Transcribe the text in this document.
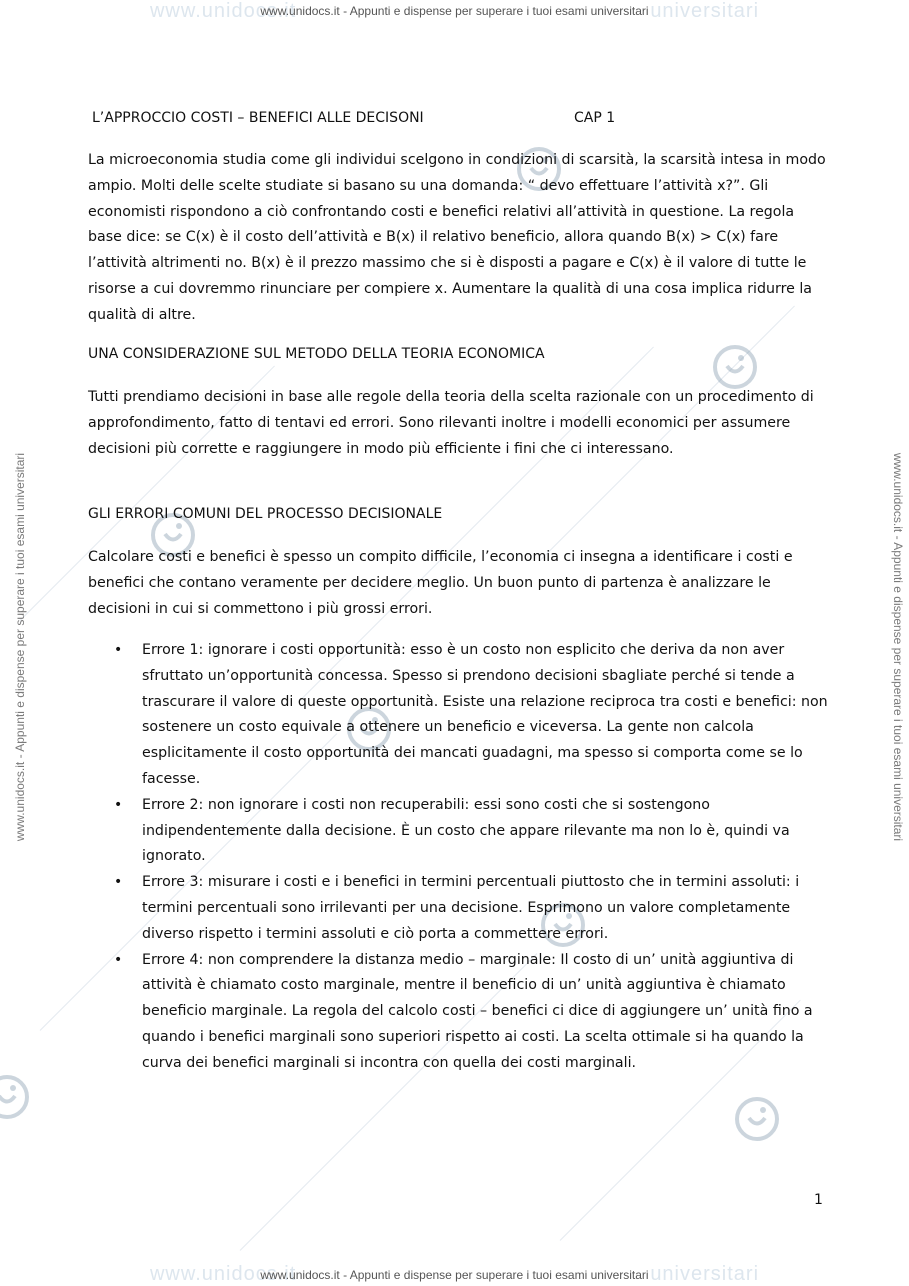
www.unidocs.it	universitari
www.unidocs.it	universitari
www.unidocs.it - Appunti e dispense per superare i tuoi esami universitari
www.unidocs.it - Appunti e dispense per superare i tuoi esami universitari
www.unidocs.it - Appunti e dispense per superare i tuoi esami universitari	www.unidocs.it - Appunti e dispense per superare i tuoi esami universitari
L’APPROCCIO COSTI – BENEFICI ALLE DECISONI	CAP 1
La microeconomia studia come gli individui scelgono in condizioni di scarsità, la scarsità intesa in modo ampio. Molti delle scelte studiate si basano su una domanda: “ devo effettuare l’attività x?”. Gli economisti rispondono a ciò confrontando costi e benefici relativi all’attività in questione. La regola base dice: se C(x) è il costo dell’attività e B(x) il relativo beneficio, allora quando B(x) > C(x) fare l’attività altrimenti no. B(x) è il prezzo massimo che si è disposti a pagare e C(x) è il valore di tutte le risorse a cui dovremmo rinunciare per compiere x. Aumentare la qualità di una cosa implica ridurre la qualità di altre.
UNA CONSIDERAZIONE SUL METODO DELLA TEORIA ECONOMICA
Tutti prendiamo decisioni in base alle regole della teoria della scelta razionale con un procedimento di approfondimento, fatto di tentavi ed errori. Sono rilevanti inoltre i modelli economici per assumere decisioni più corrette e raggiungere in modo più efficiente i fini che ci interessano.
GLI ERRORI COMUNI DEL PROCESSO DECISIONALE
Calcolare costi e benefici è spesso un compito difficile, l’economia ci insegna a identificare i costi e benefici che contano veramente per decidere meglio. Un buon punto di partenza è analizzare le decisioni in cui si commettono i più grossi errori.
• Errore 1: ignorare i costi opportunità: esso è un costo non esplicito che deriva da non aver sfruttato un’opportunità concessa. Spesso si prendono decisioni sbagliate perché si tende a trascurare il valore di queste opportunità. Esiste una relazione reciproca tra costi e benefici: non sostenere un costo equivale a ottenere un beneficio e viceversa. La gente non calcola esplicitamente il costo opportunità dei mancati guadagni, ma spesso si comporta come se lo facesse.
• Errore 2: non ignorare i costi non recuperabili: essi sono costi che si sostengono indipendentemente dalla decisione. È un costo che appare rilevante ma non lo è, quindi va ignorato.
• Errore 3: misurare i costi e i benefici in termini percentuali piuttosto che in termini assoluti: i termini percentuali sono irrilevanti per una decisione. Esprimono un valore completamente diverso rispetto i termini assoluti e ciò porta a commettere errori.
• Errore 4: non comprendere la distanza medio – marginale: Il costo di un’ unità aggiuntiva di attività è chiamato costo marginale, mentre il beneficio di un’ unità aggiuntiva è chiamato beneficio marginale. La regola del calcolo costi – benefici ci dice di aggiungere un’ unità fino a quando i benefici marginali sono superiori rispetto ai costi. La scelta ottimale si ha quando la curva dei benefici marginali si incontra con quella dei costi marginali.
1
